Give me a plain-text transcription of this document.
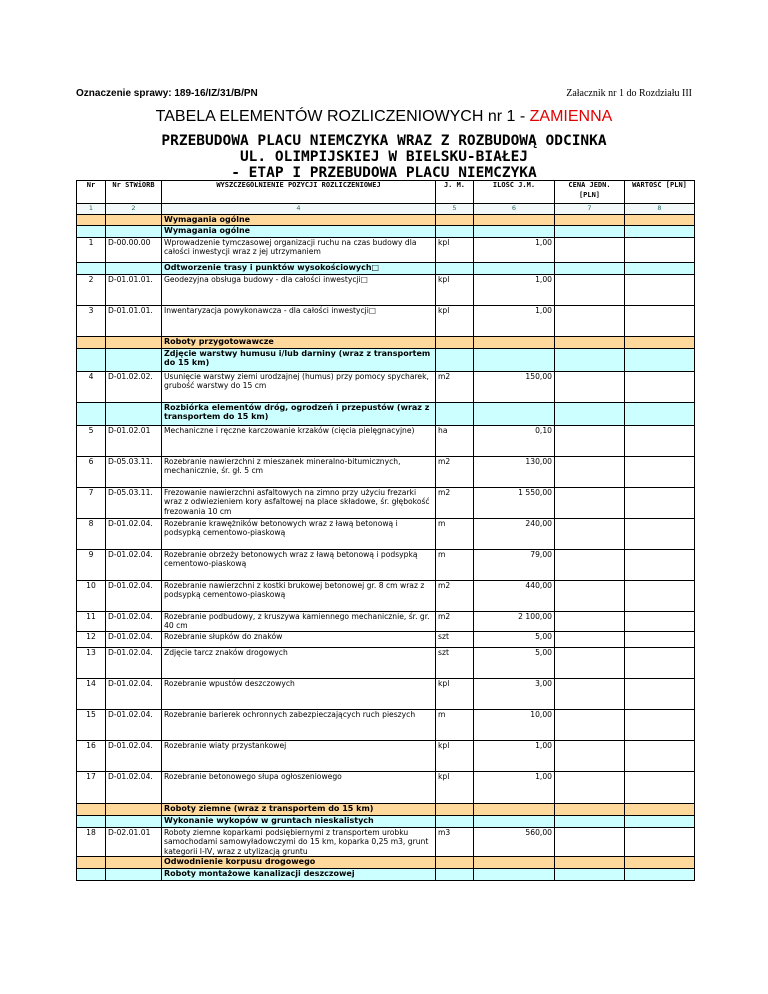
Oznaczenie sprawy: 189-16/IZ/31/B/PN	Załacznik nr 1 do Rozdziału III
TABELA ELEMENTÓW ROZLICZENIOWYCH nr 1 - ZAMIENNA
PRZEBUDOWA PLACU NIEMCZYKA WRAZ Z ROZBUDOWĄ ODCINKA
UL. OLIMPIJSKIEJ W BIELSKU-BIAŁEJ
- ETAP I PRZEBUDOWA PLACU NIEMCZYKA
Nr	Nr STWiORB	WYSZCZEGÓLNIENIE POZYCJI ROZLICZENIOWEJ	J. M.	ILOŚĆ J.M.	CENA JEDN. [PLN]	WARTOŚĆ [PLN]
1	2	4	5	6	7	8
		Wymagania ogólne				
		Wymagania ogólne				
1	D-00.00.00	Wprowadzenie tymczasowej organizacji ruchu na czas budowy dla całości inwestycji wraz z jej utrzymaniem	kpl	1,00		
		Odtworzenie trasy i punktów wysokościowych□				
2	D-01.01.01.	Geodezyjna obsługa budowy - dla całości inwestycji□	kpl	1,00		
3	D-01.01.01.	Inwentaryzacja powykonawcza - dla całości inwestycji□	kpl	1,00		
		Roboty przygotowawcze				
		Zdjęcie warstwy humusu i/lub darniny (wraz z transportem do 15 km)				
4	D-01.02.02.	Usunięcie warstwy ziemi urodzajnej (humus) przy pomocy spycharek, grubość warstwy do 15 cm	m2	150,00		
		Rozbiórka elementów dróg, ogrodzeń i przepustów (wraz z transportem do 15 km)				
5	D-01.02.01	Mechaniczne i ręczne karczowanie krzaków (cięcia pielęgnacyjne)	ha	0,10		
6	D-05.03.11.	Rozebranie nawierzchni z mieszanek mineralno-bitumicznych, mechanicznie, śr. gł. 5 cm	m2	130,00		
7	D-05.03.11.	Frezowanie nawierzchni asfaltowych na zimno przy użyciu frezarki wraz z odwiezieniem kory asfaltowej na place składowe, śr. głębokość frezowania 10 cm	m2	1 550,00		
8	D-01.02.04.	Rozebranie krawężników betonowych wraz z ławą betonową i podsypką cementowo-piaskową	m	240,00		
9	D-01.02.04.	Rozebranie obrzeży betonowych wraz z ławą betonową i podsypką cementowo-piaskową	m	79,00		
10	D-01.02.04.	Rozebranie nawierzchni z kostki brukowej betonowej gr. 8 cm wraz z podsypką cementowo-piaskową	m2	440,00		
11	D-01.02.04.	Rozebranie podbudowy, z kruszywa kamiennego mechanicznie, śr. gr. 40 cm	m2	2 100,00		
12	D-01.02.04.	Rozebranie słupków do znaków	szt	5,00		
13	D-01.02.04.	Zdjęcie tarcz znaków drogowych	szt	5,00		
14	D-01.02.04.	Rozebranie wpustów deszczowych	kpl	3,00		
15	D-01.02.04.	Rozebranie barierek ochronnych zabezpieczających ruch pieszych	m	10,00		
16	D-01.02.04.	Rozebranie wiaty przystankowej	kpl	1,00		
17	D-01.02.04.	Rozebranie betonowego słupa ogłoszeniowego	kpl	1,00		
		Roboty ziemne (wraz z transportem do 15 km)				
		Wykonanie wykopów w gruntach nieskalistych				
18	D-02.01.01	Roboty ziemne koparkami podsiębiernymi z transportem urobku samochodami samowyładowczymi do 15 km, koparka 0,25 m3, grunt kategorii I-IV, wraz z utylizacją gruntu	m3	560,00		
		Odwodnienie korpusu drogowego				
		Roboty montażowe kanalizacji deszczowej				
